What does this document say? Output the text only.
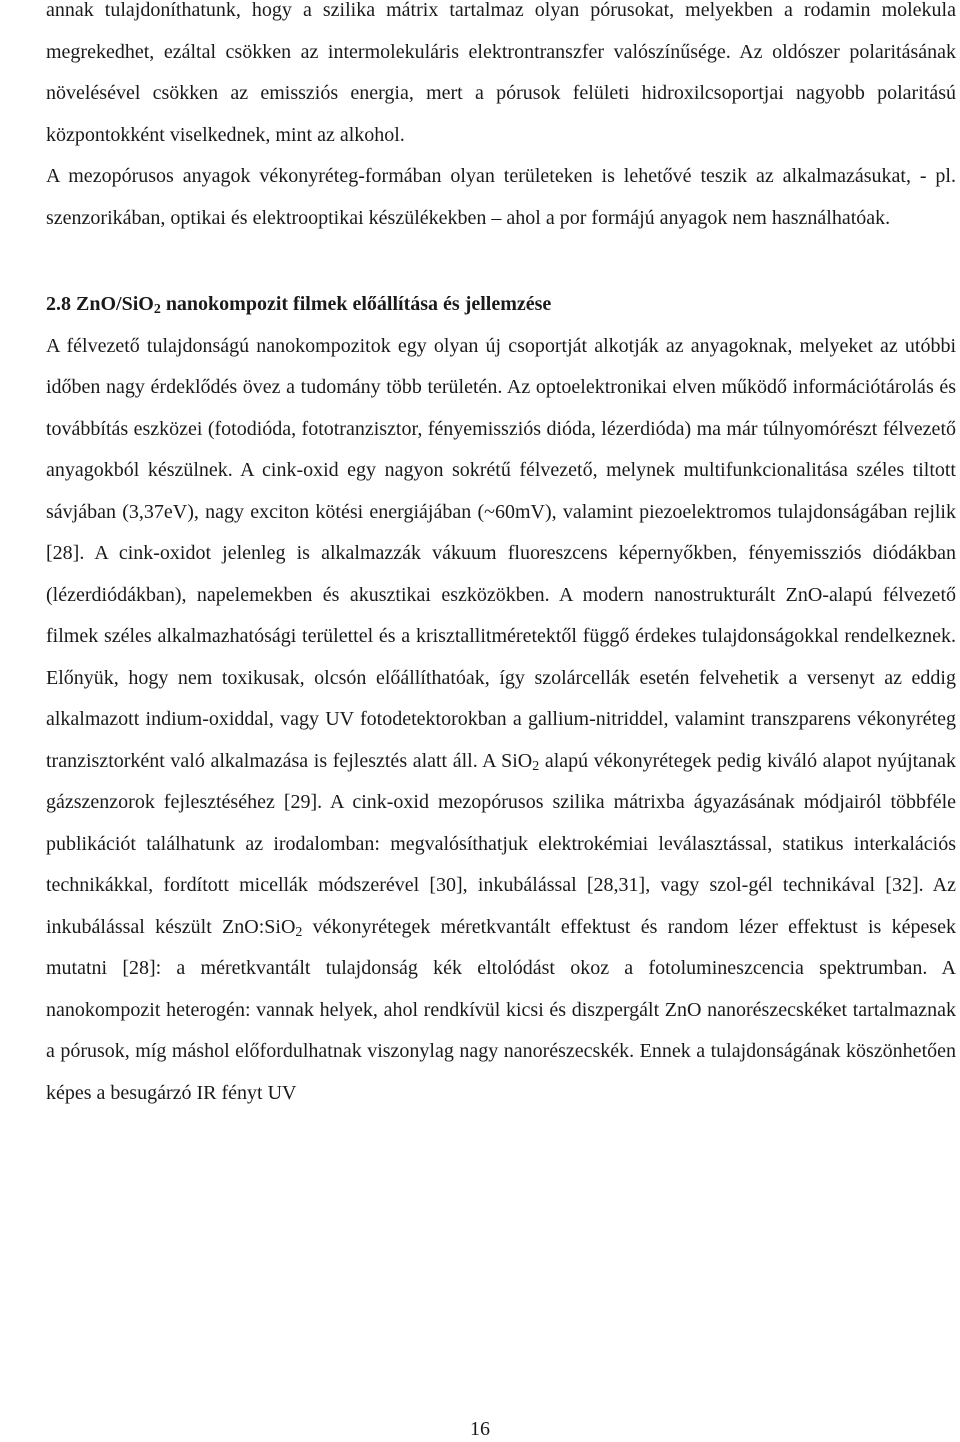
annak tulajdoníthatunk, hogy a szilika mátrix tartalmaz olyan pórusokat, melyekben a rodamin molekula megrekedhet, ezáltal csökken az intermolekuláris elektrontranszfer valószínűsége. Az oldószer polaritásának növelésével csökken az emissziós energia, mert a pórusok felületi hidroxilcsoportjai nagyobb polaritású központokként viselkednek, mint az alkohol.

A mezopórusos anyagok vékonyréteg-formában olyan területeken is lehetővé teszik az alkalmazásukat, - pl. szenzorikában, optikai és elektrooptikai készülékekben – ahol a por formájú anyagok nem használhatóak.

2.8 ZnO/SiO$_2$ nanokompozit filmek előállítása és jellemzése

A félvezető tulajdonságú nanokompozitok egy olyan új csoportját alkotják az anyagoknak, melyeket az utóbbi időben nagy érdeklődés övez a tudomány több területén. Az optoelektronikai elven működő információtárolás és továbbítás eszközei (fotodióda, fototranzisztor, fényemissziós dióda, lézerdióda) ma már túlnyomórészt félvezető anyagokból készülnek. A cink-oxid egy nagyon sokrétű félvezető, melynek multifunkcionalitása széles tiltott sávjában (3,37eV), nagy exciton kötési energiájában (~60mV), valamint piezoelektromos tulajdonságában rejlik [28]. A cink-oxidot jelenleg is alkalmazzák vákuum fluoreszcens képernyőkben, fényemissziós diódákban (lézerdiódákban), napelemekben és akusztikai eszközökben. A modern nanostrukturált ZnO-alapú félvezető filmek széles alkalmazhatósági területtel és a krisztallitméretektől függő érdekes tulajdonságokkal rendelkeznek. Előnyük, hogy nem toxikusak, olcsón előállíthatóak, így szolárcellák esetén felvehetik a versenyt az eddig alkalmazott indium-oxiddal, vagy UV fotodetektorokban a gallium-nitriddel, valamint transzparens vékonyréteg tranzisztorként való alkalmazása is fejlesztés alatt áll. A SiO$_2$ alapú vékonyrétegek pedig kiváló alapot nyújtanak gázszenzorok fejlesztéséhez [29]. A cink-oxid mezopórusos szilika mátrixba ágyazásának módjairól többféle publikációt találhatunk az irodalomban: megvalósíthatjuk elektrokémiai leválasztással, statikus interkalációs technikákkal, fordított micellák módszerével [30], inkubálással [28,31], vagy szol-gél technikával [32]. Az inkubálással készült ZnO:SiO$_2$ vékonyrétegek méretkvantált effektust és random lézer effektust is képesek mutatni [28]: a méretkvantált tulajdonság kék eltolódást okoz a fotolumineszcencia spektrumban. A nanokompozit heterogén: vannak helyek, ahol rendkívül kicsi és diszpergált ZnO nanorészecskéket tartalmaznak a pórusok, míg máshol előfordulhatnak viszonylag nagy nanorészecskék. Ennek a tulajdonságának köszönhetően képes a besugárzó IR fényt UV

16
